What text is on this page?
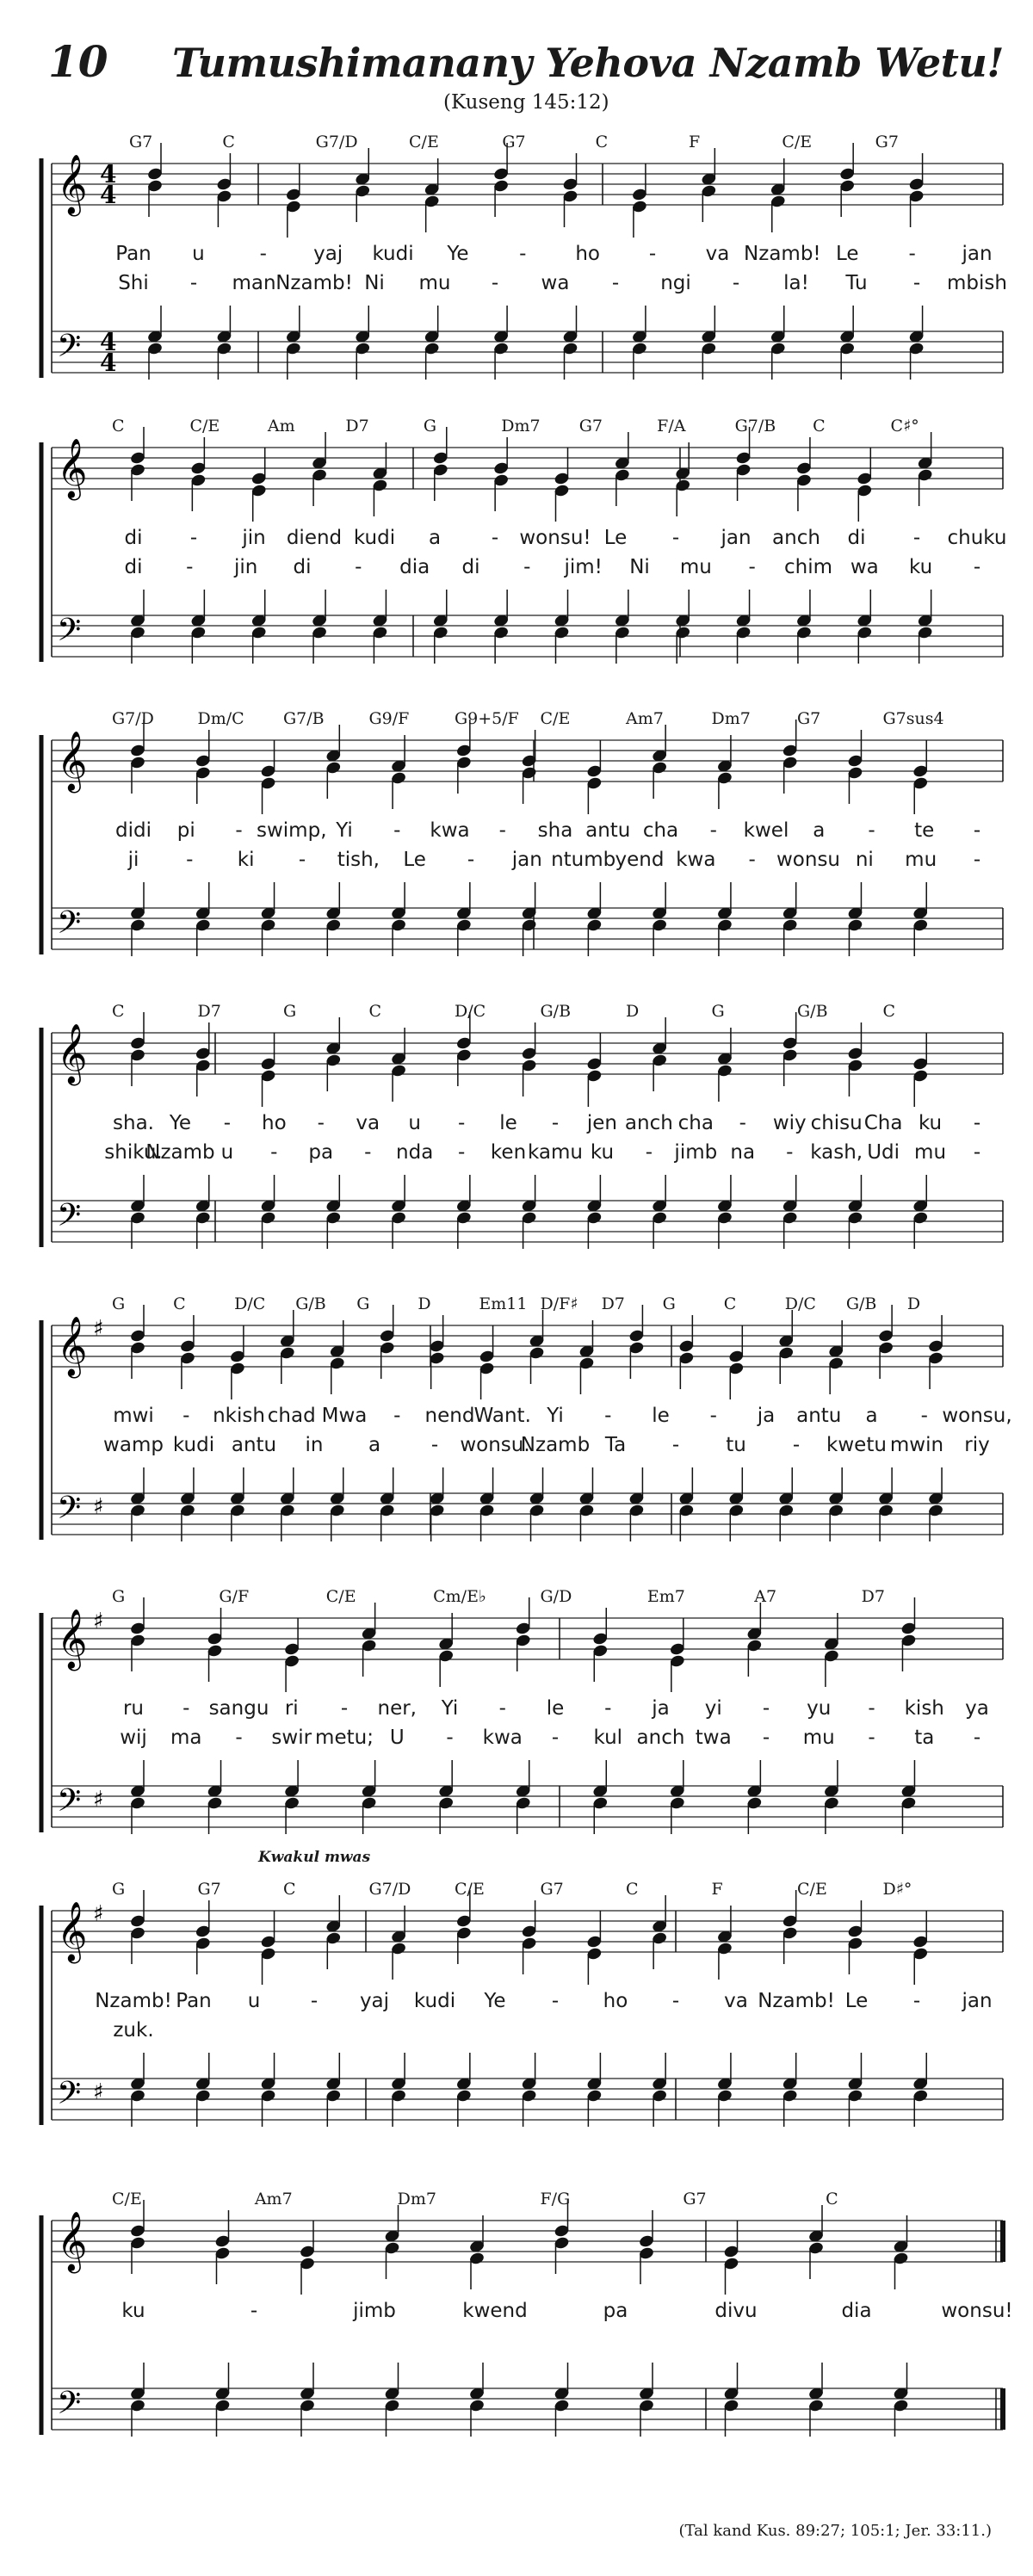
10 Tumushimanany Yehova Nzamb Wetu!
(Kuseng 145:12)
𝄞
𝄢
4
4
4
4
G7	C	G7/D	C/E	G7	C	F	C/E	G7
Pan u	- yaj kudi Ye	- ho - va Nzamb! Le	- jan
Shi - man Nzamb! Ni mu - wa - ngi - la! Tu - mbish
𝄞
𝄢
C	C/E	Am	D7	G	Dm7 G7	F/A	G7/B C	C♯°
di - jin diend kudi a	- wonsu! Le - jan anch di - chuku
di - jin di - dia di - jim! Ni mu - chim wa ku -
𝄞
𝄢
G7/D	Dm/C G7/B	G9/F	G9+5/F C/E	Am7	Dm7	G7	G7sus4
didi pi - swimp, Yi - kwa - sha antu cha - kwel a - te -
ji - ki - tish, Le - jan ntumb yend kwa - wonsu ni mu -
𝄞
𝄢
C	D7	G	C	D/C	G/B	D	G	G/B	C
sha. Ye - ho - va u - le - jen anch cha - wiy chisu Cha ku -
shiku.
Nzamb u - pa - nda - ken kamu ku - jimb na - kash, Udi mu -
𝄞
𝄢
♯
♯
G	C	D/C G/B G	D	Em11 D/F♯ D7 G	C	D/C G/B D
mwi - nkish chad Mwa - nend Want. Yi - le - ja antu a - wonsu,
wamp kudi antu in a	- wonsu.
Nzamb Ta - tu - kwetu mwin riy
𝄞
𝄢
♯
♯
G	G/F	C/E	Cm/E♭	G/D	Em7	A7	D7
ru - sangu ri - ner, Yi - le - ja yi - yu - kish ya
wij ma - swir metu; U - kwa - kul anch twa - mu - ta -
𝄞
𝄢
♯
♯
Kwakul mwas
G	G7	C	G7/D	C/E	G7	C	F	C/E	D♯°
Nzamb! Pan u	- yaj kudi Ye - ho - va Nzamb! Le - jan
zuk.
𝄞
𝄢
C/E	Am7	Dm7	F/G	G7	C
ku	-	jimb	kwend	pa	divu	dia	wonsu!
(Tal kand Kus. 89:27; 105:1; Jer. 33:11.)
